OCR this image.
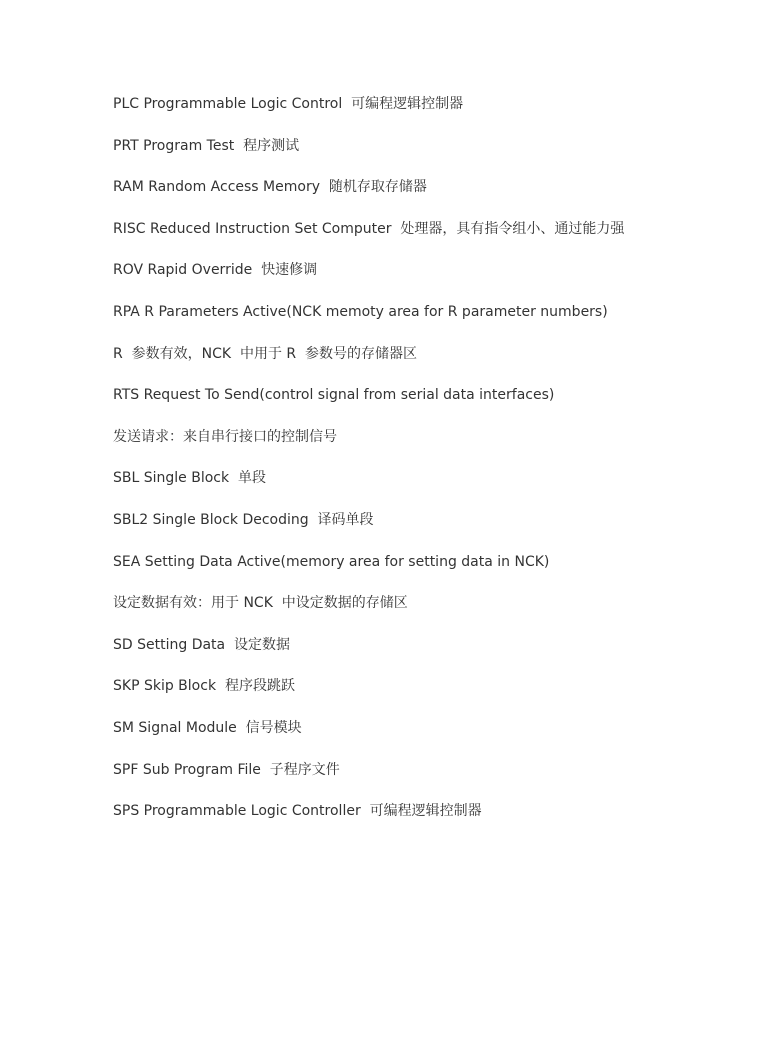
PLC Programmable Logic Control  可编程逻辑控制器
PRT Program Test  程序测试
RAM Random Access Memory  随机存取存储器
RISC Reduced Instruction Set Computer  处理器，具有指令组小、通过能力强
ROV Rapid Override  快速修调
RPA R Parameters Active(NCK memoty area for R parameter numbers)
R  参数有效，NCK  中用于 R  参数号的存储器区
RTS Request To Send(control signal from serial data interfaces)
发送请求：来自串行接口的控制信号
SBL Single Block  单段
SBL2 Single Block Decoding  译码单段
SEA Setting Data Active(memory area for setting data in NCK)
设定数据有效：用于 NCK  中设定数据的存储区
SD Setting Data  设定数据
SKP Skip Block  程序段跳跃
SM Signal Module  信号模块
SPF Sub Program File  子程序文件
SPS Programmable Logic Controller  可编程逻辑控制器
